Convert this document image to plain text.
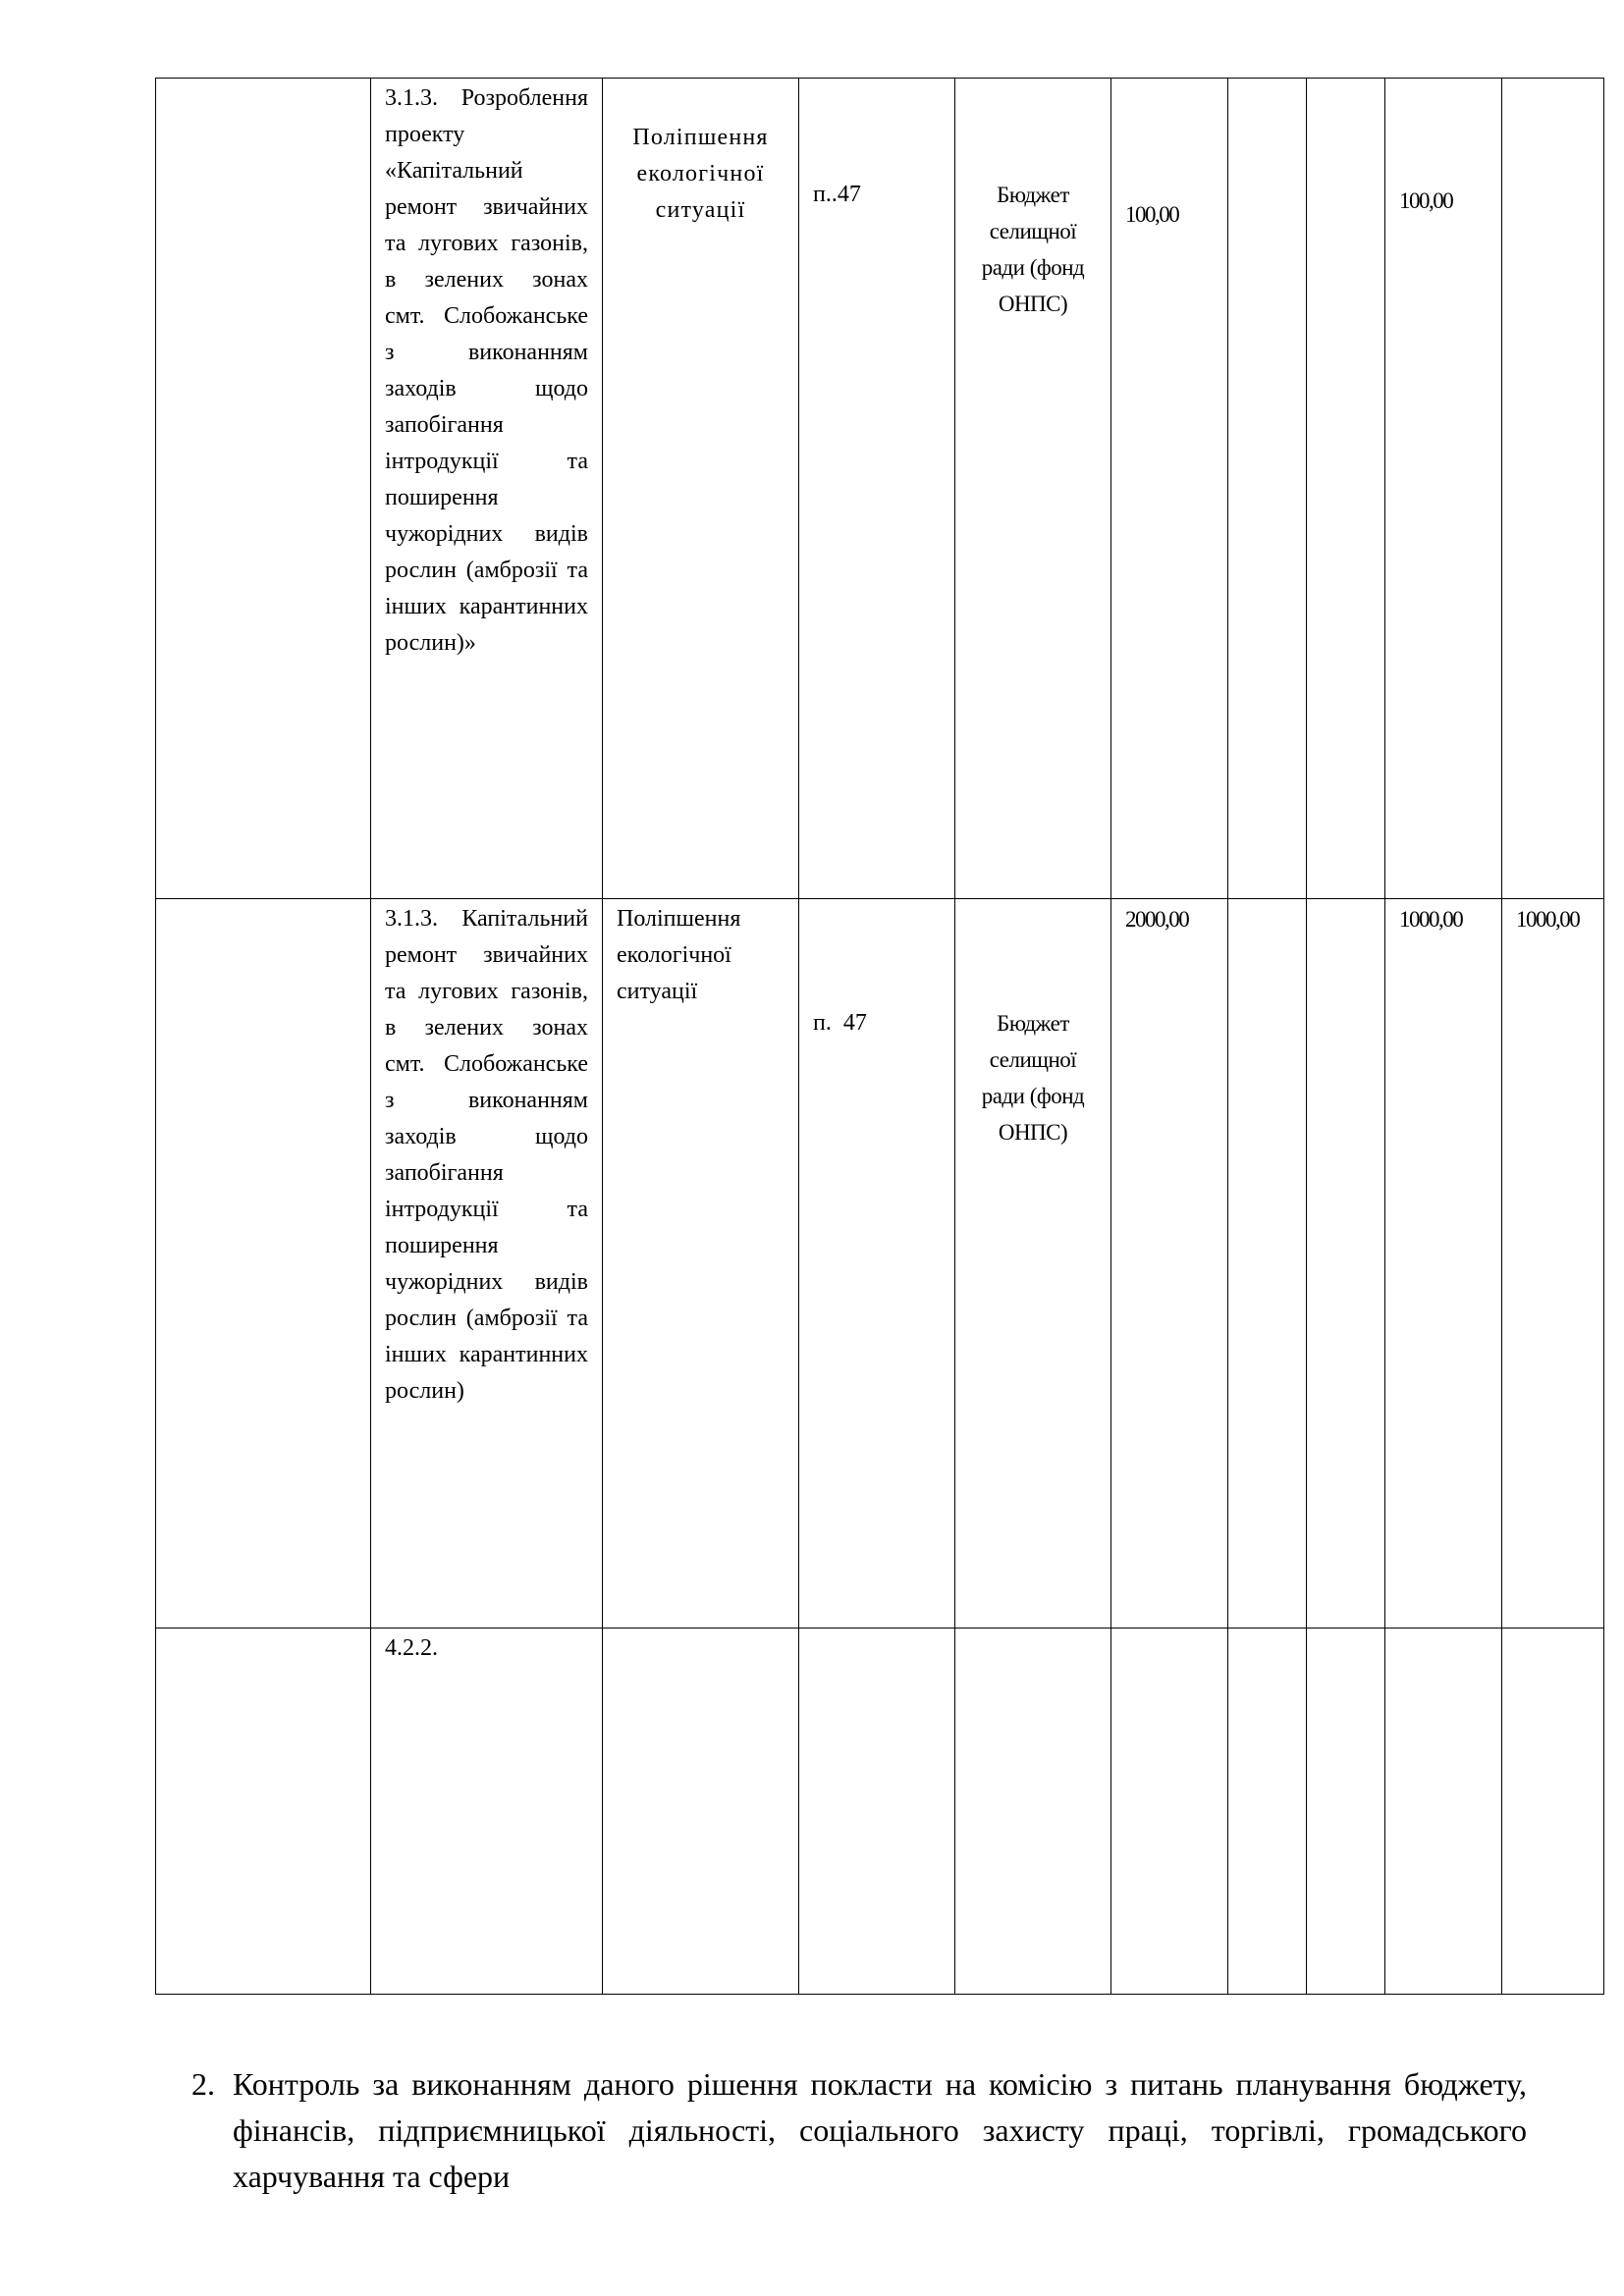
	3.1.3. Розроблення проекту «Капітальний ремонт звичайних та лугових газонів, в зелених зонах смт. Слобожанське з виконанням заходів щодо запобігання інтродукції та поширення чужорідних видів рослин (амброзії та інших карантинних рослин)»	Поліпшення екологічної ситуації	п..47	Бюджет селищної ради (фонд ОНПС)	100,00			100,00	

	3.1.3. Капітальний ремонт звичайних та лугових газонів, в зелених зонах смт. Слобожанське з виконанням заходів щодо запобігання інтродукції та поширення чужорідних видів рослин (амброзії та інших карантинних рослин)	Поліпшення екологічної ситуації	п.  47	Бюджет селищної ради (фонд ОНПС)	2000,00			1000,00	1000,00

	4.2.2.								
2. Контроль за виконанням даного рішення покласти на комісію з питань планування бюджету, фінансів, підприємницької діяльності, соціального захисту праці, торгівлі, громадського харчування та сфери
